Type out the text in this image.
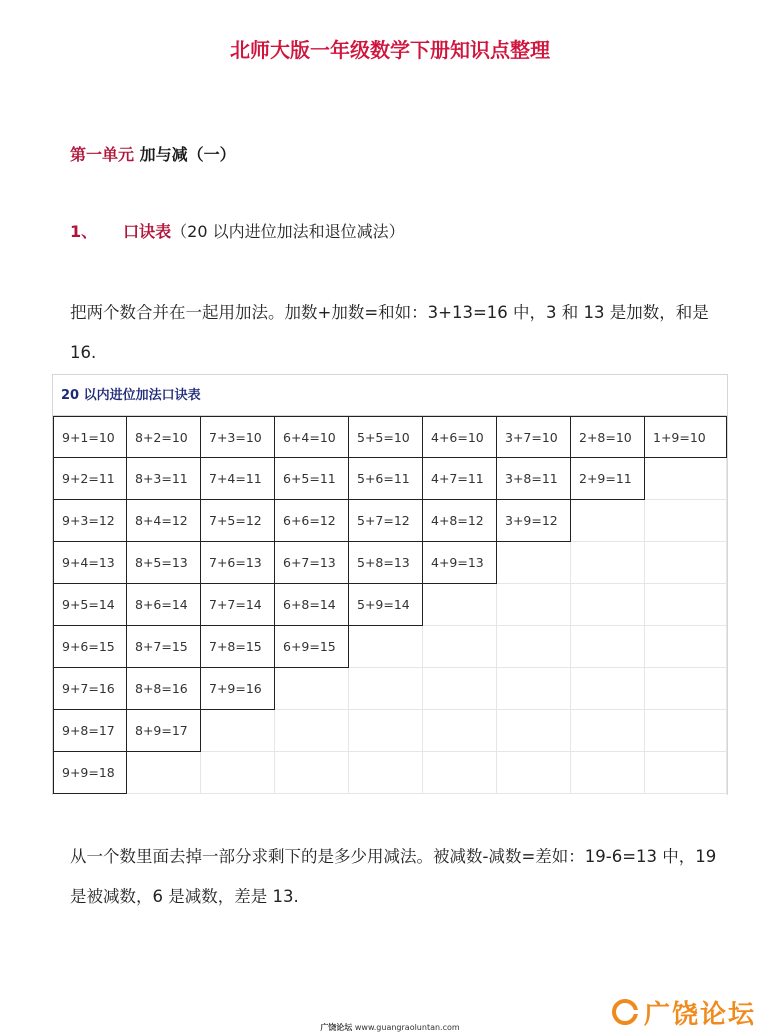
北师大版一年级数学下册知识点整理
第一单元 加与减（一）
1、 口诀表（20 以内进位加法和退位减法）
把两个数合并在一起用加法。加数+加数=和如：3+13=16 中，3 和 13 是加数，和是 16.
20 以内进位加法口诀表
9+1=10	8+2=10	7+3=10	6+4=10	5+5=10	4+6=10	3+7=10	2+8=10	1+9=10
9+2=11	8+3=11	7+4=11	6+5=11	5+6=11	4+7=11	3+8=11	2+9=11
9+3=12	8+4=12	7+5=12	6+6=12	5+7=12	4+8=12	3+9=12
9+4=13	8+5=13	7+6=13	6+7=13	5+8=13	4+9=13
9+5=14	8+6=14	7+7=14	6+8=14	5+9=14
9+6=15	8+7=15	7+8=15	6+9=15
9+7=16	8+8=16	7+9=16
9+8=17	8+9=17
9+9=18
从一个数里面去掉一部分求剩下的是多少用减法。被减数-减数=差如：19-6=13 中，19 是被减数，6 是减数，差是 13.
广饶论坛 www.guangraoluntan.com	广饶论坛
